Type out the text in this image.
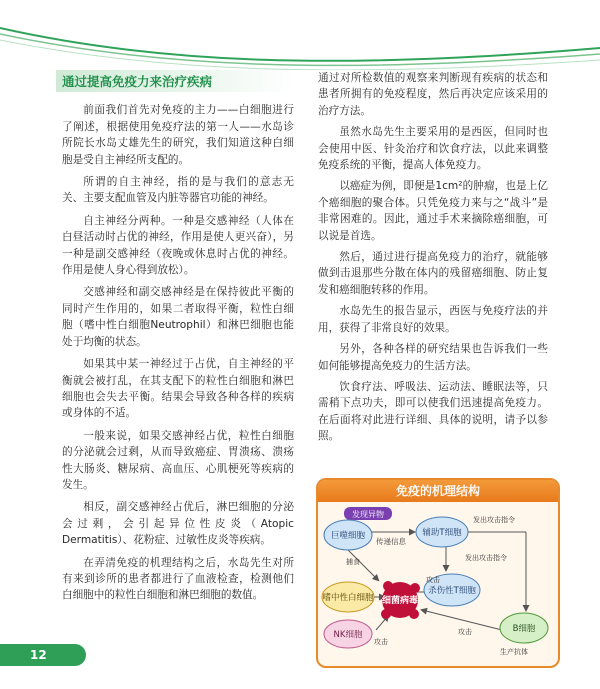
通过提高免疫力来治疗疾病

前面我们首先对免疫的主力——白细胞进行了阐述，根据使用免疫疗法的第一人——水岛诊所院长水岛丈雄先生的研究，我们知道这种白细胞是受自主神经所支配的。

所谓的自主神经，指的是与我们的意志无关、主要支配血管及内脏等器官功能的神经。

自主神经分两种。一种是交感神经（人体在白昼活动时占优的神经，作用是使人更兴奋），另一种是副交感神经（夜晚或休息时占优的神经。作用是使人身心得到放松）。

交感神经和副交感神经是在保持彼此平衡的同时产生作用的，如果二者取得平衡，粒性白细胞（嗜中性白细胞Neutrophil）和淋巴细胞也能处于均衡的状态。

如果其中某一神经过于占优，自主神经的平衡就会被打乱，在其支配下的粒性白细胞和淋巴细胞也会失去平衡。结果会导致各种各样的疾病或身体的不适。

一般来说，如果交感神经占优，粒性白细胞的分泌就会过剩，从而导致癌症、胃溃疡、溃疡性大肠炎、糖尿病、高血压、心肌梗死等疾病的发生。

相反，副交感神经占优后，淋巴细胞的分泌会过剩，会引起异位性皮炎（Atopic Dermatitis）、花粉症、过敏性皮炎等疾病。

在弄清免疫的机理结构之后，水岛先生对所有来到诊所的患者都进行了血液检查，检测他们白细胞中的粒性白细胞和淋巴细胞的数值。

通过对所检数值的观察来判断现有疾病的状态和患者所拥有的免疫程度，然后再决定应该采用的治疗方法。

虽然水岛先生主要采用的是西医，但同时也会使用中医、针灸治疗和饮食疗法，以此来调整免疫系统的平衡，提高人体免疫力。

以癌症为例，即便是1cm²的肿瘤，也是上亿个癌细胞的聚合体。只凭免疫力来与之“战斗”是非常困难的。因此，通过手术来摘除癌细胞，可以说是首选。

然后，通过进行提高免疫力的治疗，就能够做到击退那些分散在体内的残留癌细胞、防止复发和癌细胞转移的作用。

水岛先生的报告显示，西医与免疫疗法的并用，获得了非常良好的效果。

另外，各种各样的研究结果也告诉我们一些如何能够提高免疫力的生活方法。

饮食疗法、呼吸法、运动法、睡眠法等，只需稍下点功夫，即可以使我们迅速提高免疫力。在后面将对此进行详细、具体的说明，请予以参照。

免疫的机理结构
发现异物
巨噬细胞
传递信息
辅助T细胞
发出攻击指令
发出攻击指令
捕食
嗜中性白细胞 细菌病毒
杀伤性T细胞
攻击
NK细胞
攻击
B细胞
攻击
生产抗体
12
